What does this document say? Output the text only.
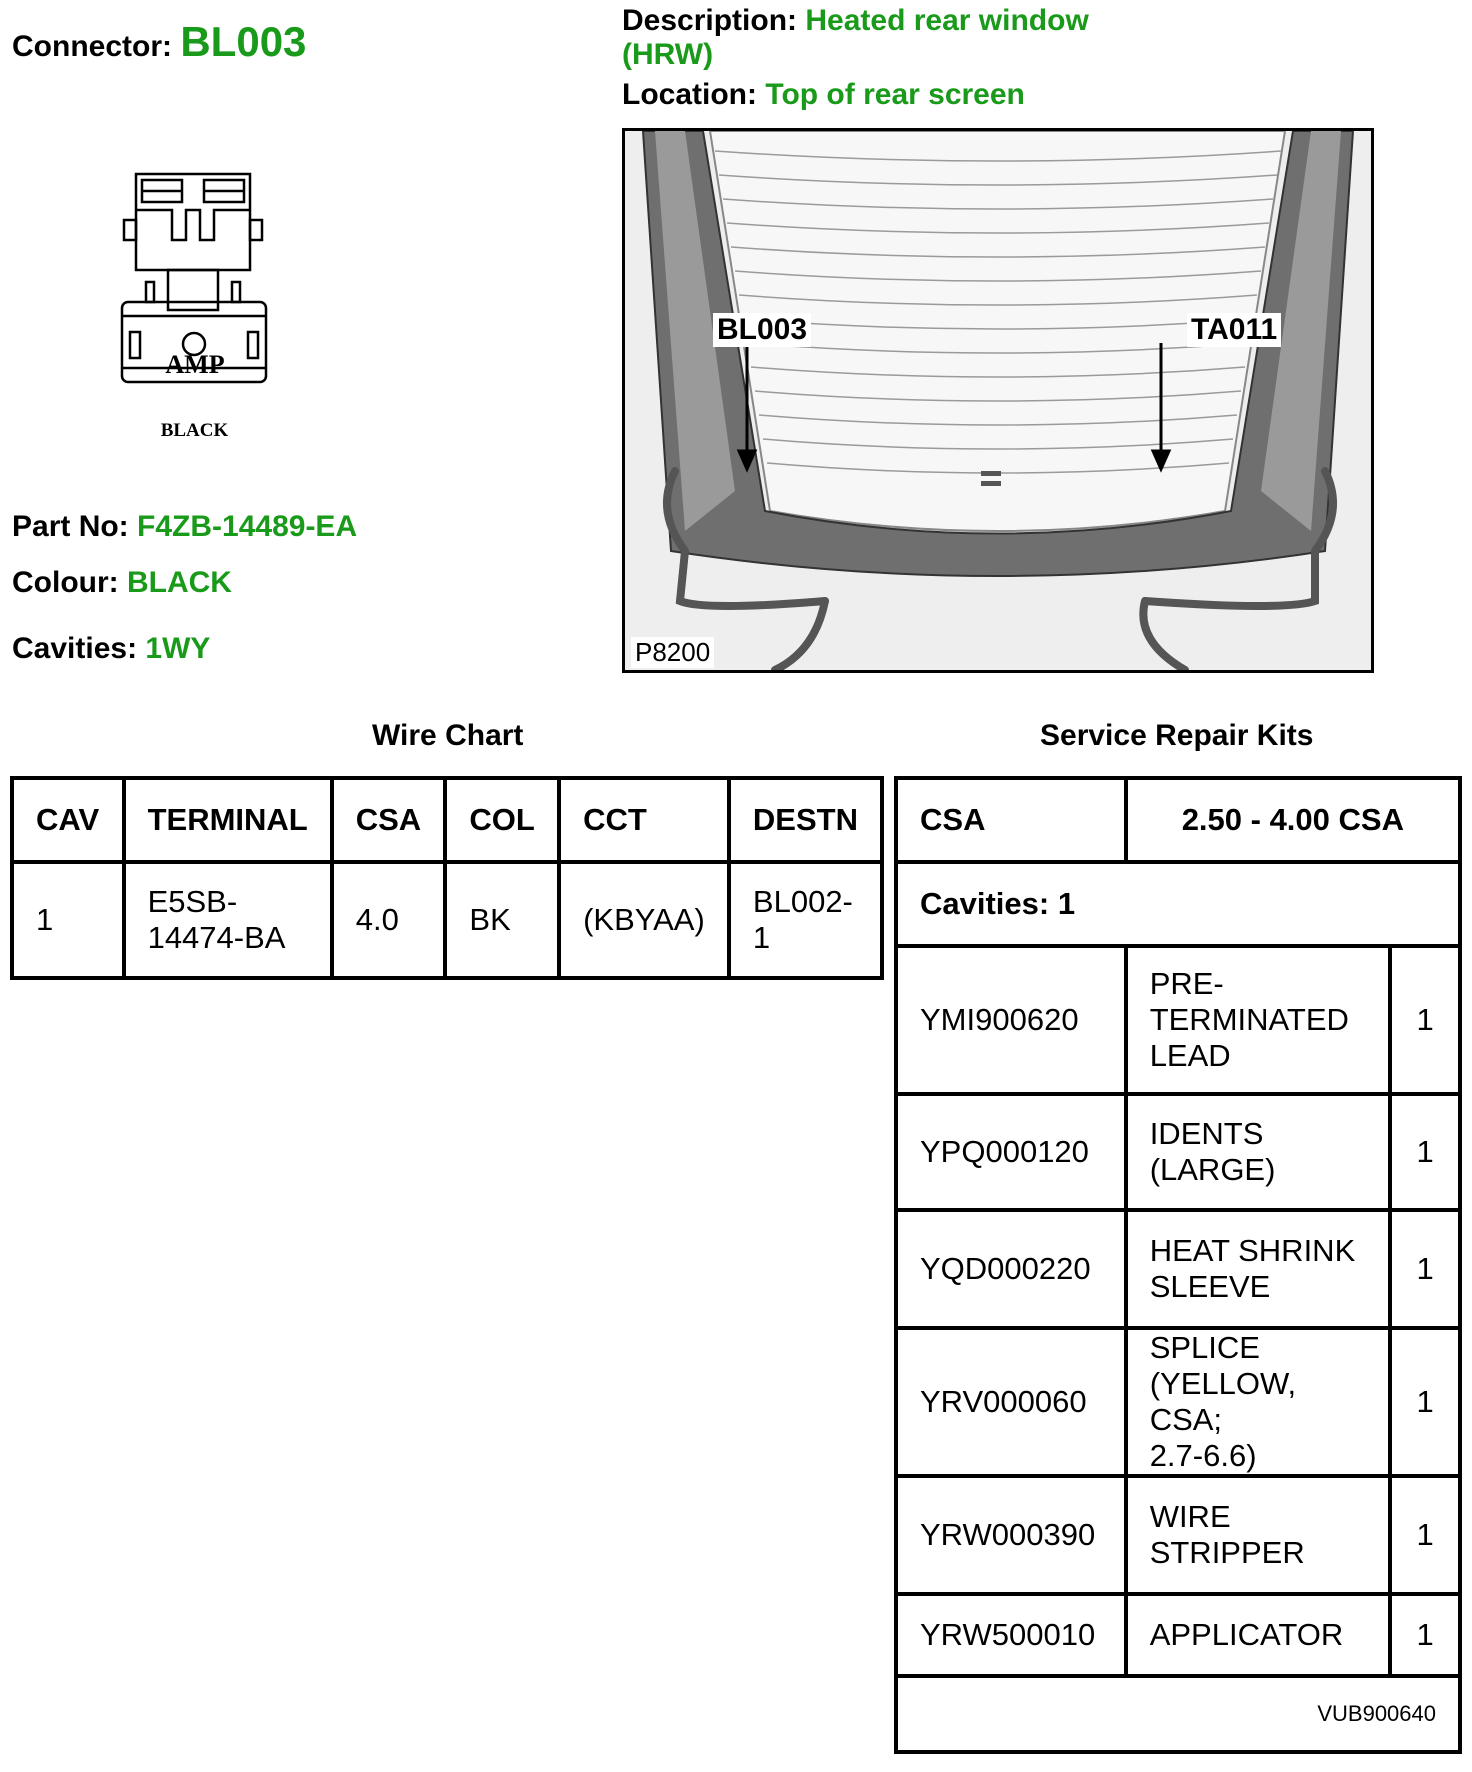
Connector: BL003	Description: Heated rear window
(HRW)
Location: Top of rear screen
AMP
BLACK
Part No: F4ZB-14489-EA
Colour: BLACK
Cavities: 1WY
BL003	TA011
P8200
Wire Chart
CAV	TERMINAL	CSA	COL	CCT	DESTN
1	E5SB-
14474-BA	4.0	BK	(KBYAA)	BL002-
1
Service Repair Kits
CSA	2.50 - 4.00 CSA	
Cavities: 1		
YMI900620	PRE-
TERMINATED
LEAD	1
YPQ000120	IDENTS
(LARGE)	1
YQD000220	HEAT SHRINK
SLEEVE	1
YRV000060	SPLICE
(YELLOW, CSA;
2.7-6.6)	1
YRW000390	WIRE
STRIPPER	1
YRW500010	APPLICATOR	1
VUB900640		
